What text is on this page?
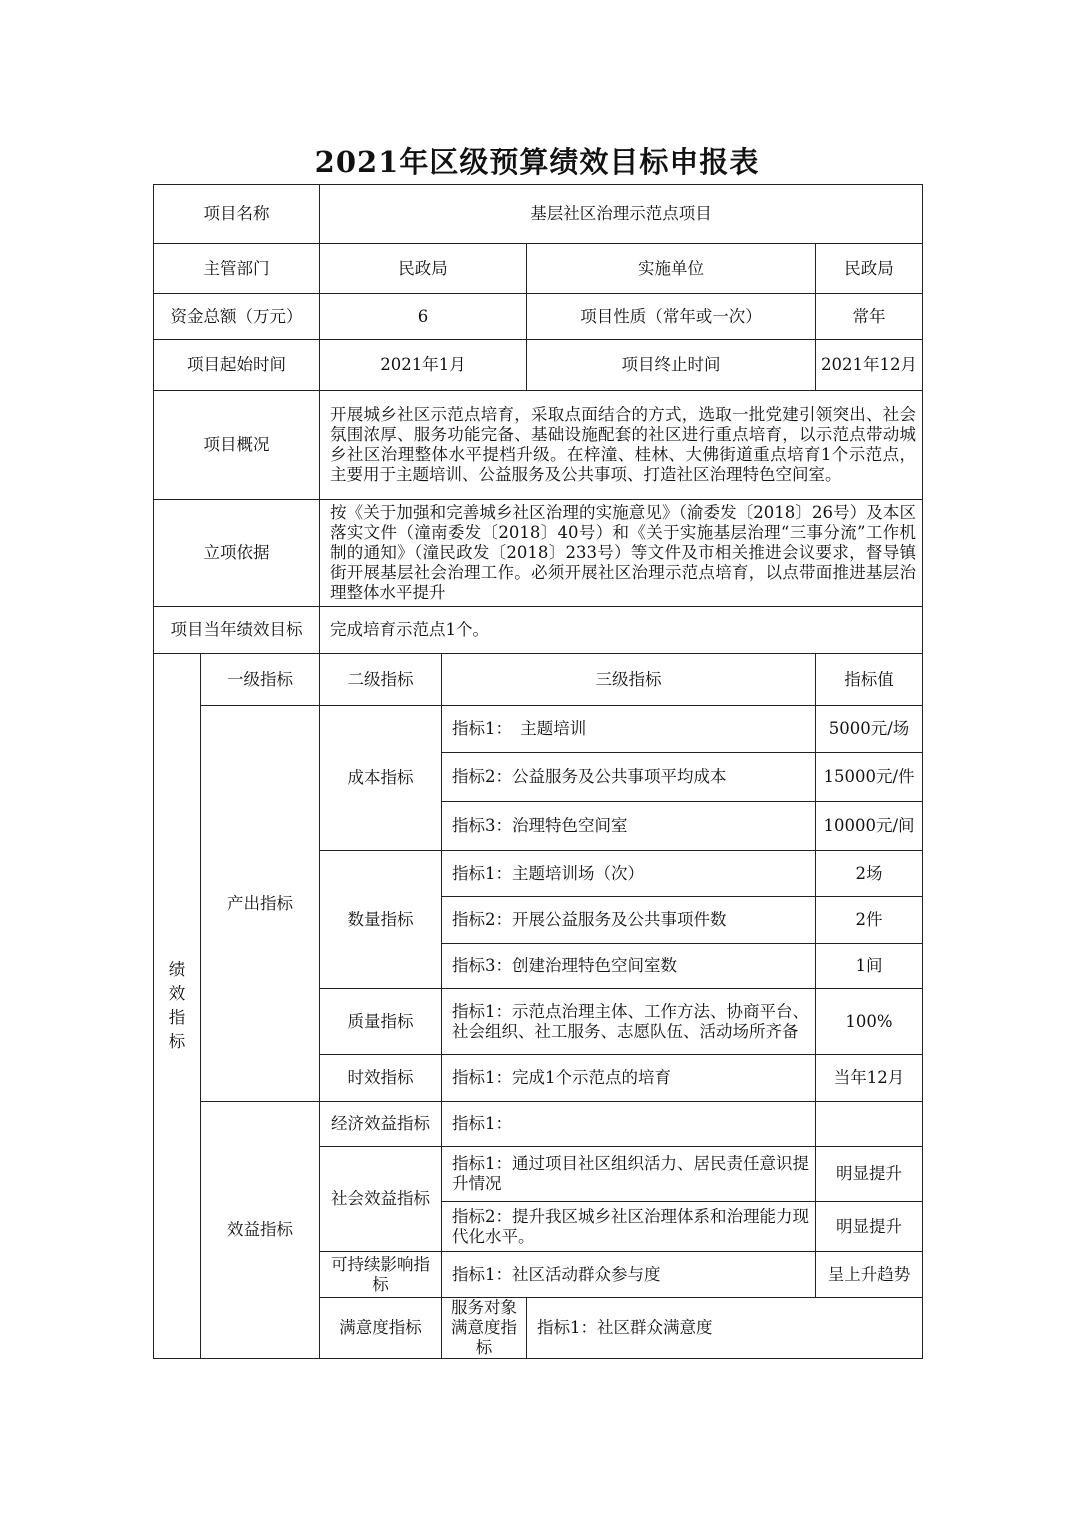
2021年区级预算绩效目标申报表
项目名称		基层社区治理示范点项目				
主管部门		民政局		实施单位	民政局	
资金总额（万元）		6		项目性质（常年或一次）	常年	
项目起始时间		2021年1月		项目终止时间	2021年12月	
项目概况		开展城乡社区示范点培育，采取点面结合的方式，选取一批党建引领突出、社会氛围浓厚、服务功能完备、基础设施配套的社区进行重点培育，以示范点带动城乡社区治理整体水平提档升级。在梓潼、桂林、大佛街道重点培育1个示范点，主要用于主题培训、公益服务及公共事项、打造社区治理特色空间室。				
立项依据		按《关于加强和完善城乡社区治理的实施意见》（渝委发〔2018〕26号）及本区落实文件（潼南委发〔2018〕40号）和《关于实施基层治理“三事分流”工作机制的通知》（潼民政发〔2018〕233号）等文件及市相关推进会议要求，督导镇街开展基层社会治理工作。必须开展社区治理示范点培育，以点带面推进基层治理整体水平提升				
项目当年绩效目标		完成培育示范点1个。				
绩效指标	一级指标	二级指标	三级指标		指标值	
	产出指标	成本指标	指标1：　主题培训		5000元/场	
			指标2：公益服务及公共事项平均成本		15000元/件	
			指标3：治理特色空间室		10000元/间	
		数量指标	指标1：主题培训场（次）		2场	
			指标2：开展公益服务及公共事项件数		2件	
			指标3：创建治理特色空间室数		1间	
		质量指标	指标1：示范点治理主体、工作方法、协商平台、社会组织、社工服务、志愿队伍、活动场所齐备		100%	
		时效指标	指标1：完成1个示范点的培育		当年12月	
	效益指标	经济效益指标	指标1：			
		社会效益指标	指标1：通过项目社区组织活力、居民责任意识提升情况		明显提升	
			指标2：提升我区城乡社区治理体系和治理能力现代化水平。		明显提升	
		可持续影响指标	指标1：社区活动群众参与度		呈上升趋势	
		满意度指标	服务对象满意度指标	指标1：社区群众满意度	
